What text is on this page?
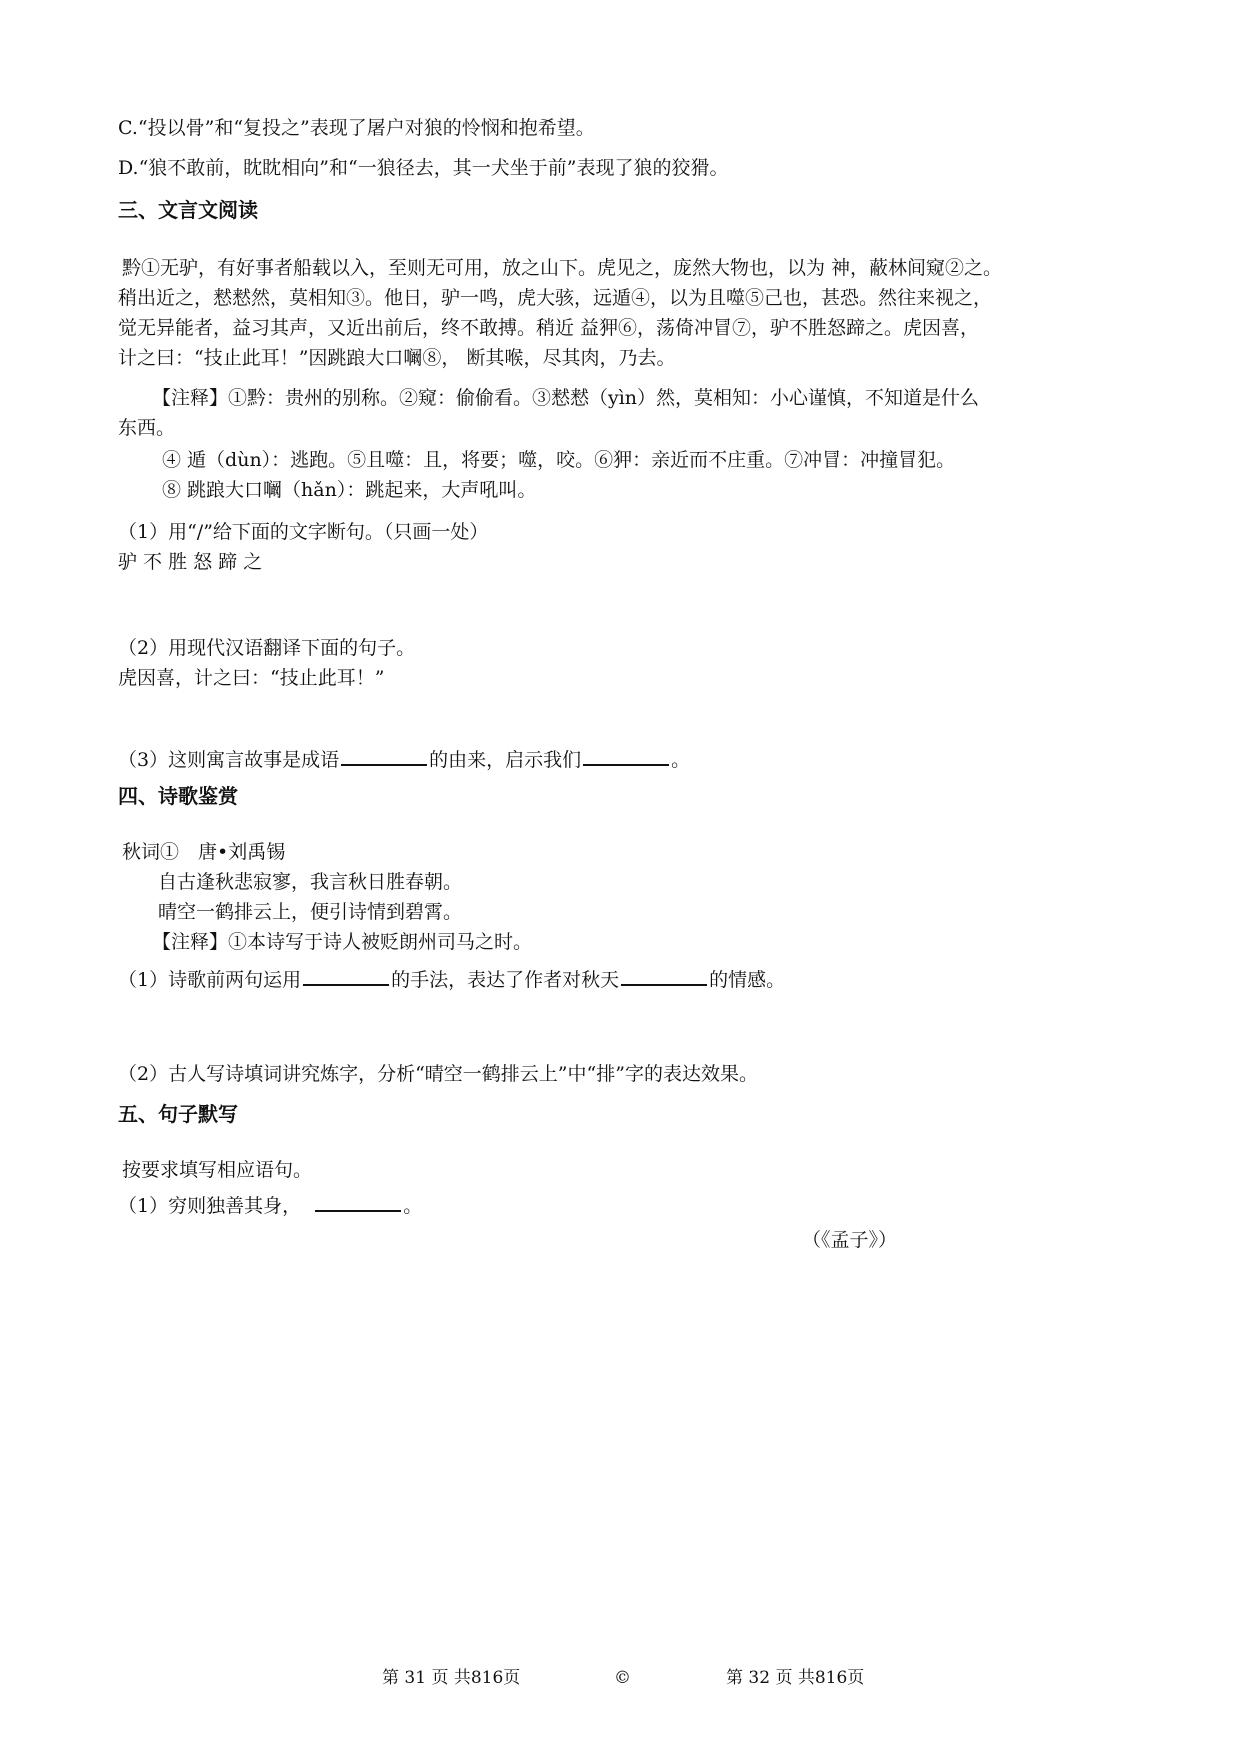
C.“投以骨”和“复投之”表现了屠户对狼的怜悯和抱希望。
D.“狼不敢前，眈眈相向”和“一狼径去，其一犬坐于前”表现了狼的狡猾。
三、文言文阅读
黔①无驴，有好事者船载以入，至则无可用，放之山下。虎见之，庞然大物也，以为 神，蔽林间窥②之。
稍出近之，慭慭然，莫相知③。他日，驴一鸣，虎大骇，远遁④，以为且噬⑤己也，甚恐。然往来视之，
觉无异能者，益习其声，又近出前后，终不敢搏。稍近 益狎⑥，荡倚冲冒⑦，驴不胜怒蹄之。虎因喜，
计之曰：“技止此耳！”因跳踉大口㘎⑧， 断其喉，尽其肉，乃去。
【注释】①黔：贵州的别称。②窥：偷偷看。③慭慭（yìn）然，莫相知：小心谨慎，不知道是什么
东西。
④ 遁（dùn）：逃跑。⑤且噬：且，将要；噬，咬。⑥狎：亲近而不庄重。⑦冲冒：冲撞冒犯。
⑧ 跳踉大口㘎（hǎn）：跳起来，大声吼叫。
（1）用“/”给下面的文字断句。（只画一处）
驴 不 胜 怒 蹄 之
（2）用现代汉语翻译下面的句子。
虎因喜，计之曰：“技止此耳！”
（3）这则寓言故事是成语	的由来，启示我们	。
四、诗歌鉴赏
秋词①　唐•刘禹锡
自古逢秋悲寂寥，我言秋日胜春朝。
晴空一鹤排云上，便引诗情到碧霄。
【注释】①本诗写于诗人被贬朗州司马之时。
（1）诗歌前两句运用	的手法，表达了作者对秋天	的情感。
（2）古人写诗填词讲究炼字，分析“晴空一鹤排云上”中“排”字的表达效果。
五、句子默写
按要求填写相应语句。
（1）穷则独善其身，	。
（《孟子》）
第 31 页 共816页	©	第 32 页 共816页
